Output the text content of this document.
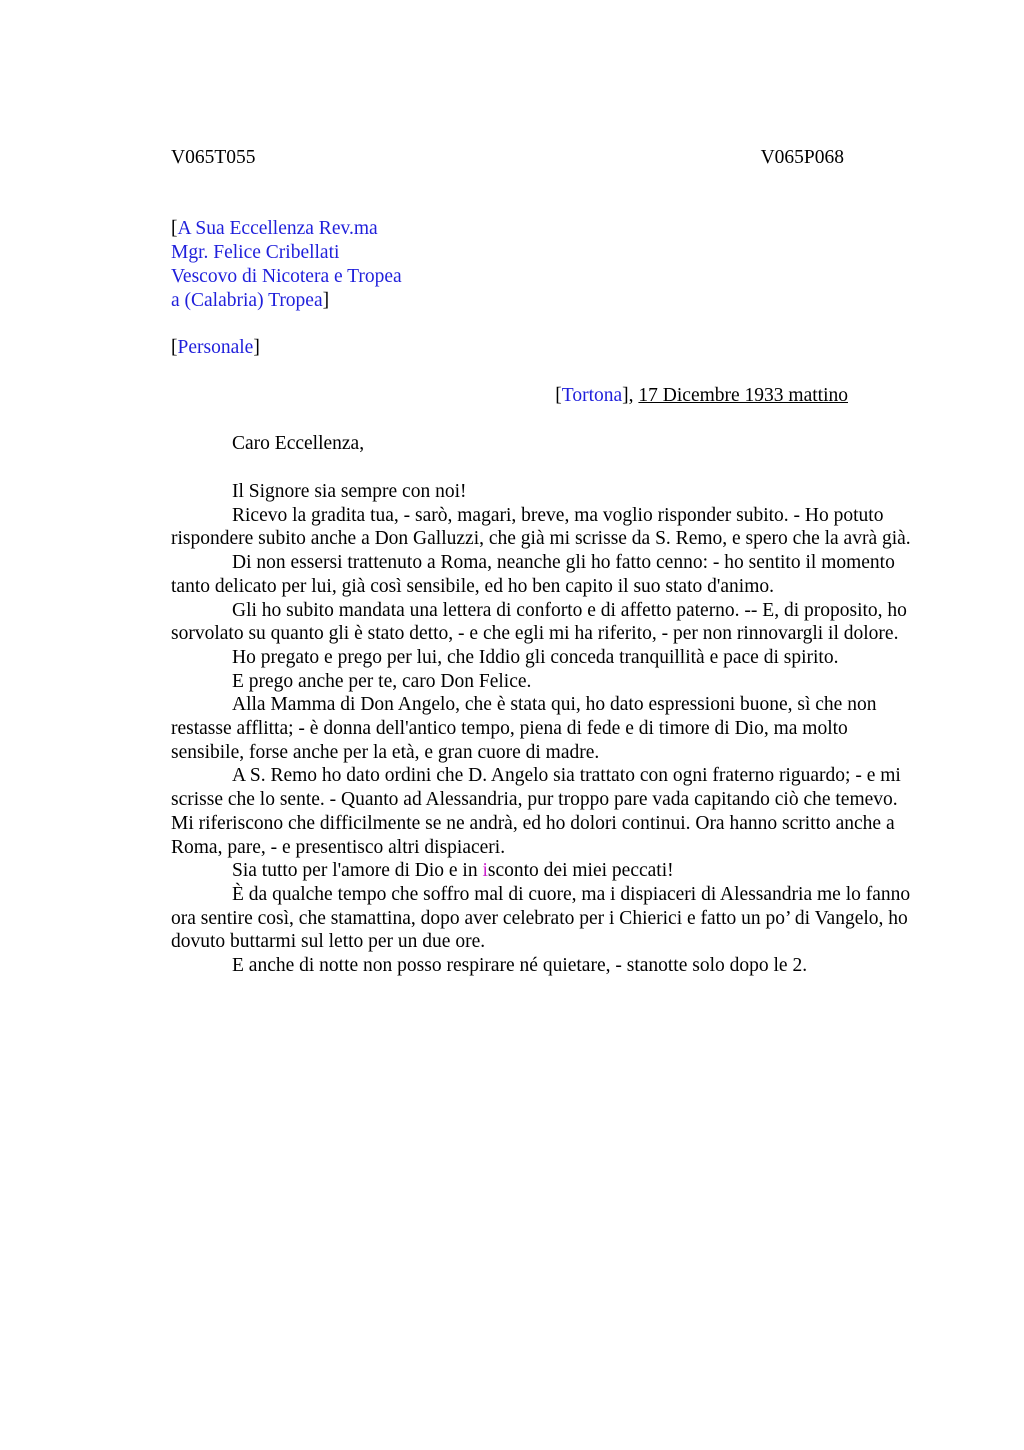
V065T055	V065P068
[A Sua Eccellenza Rev.ma
Mgr. Felice Cribellati
Vescovo di Nicotera e Tropea
a (Calabria) Tropea]
[Personale]
[Tortona], 17 Dicembre 1933 mattino
Caro Eccellenza,

Il Signore sia sempre con noi!

Ricevo la gradita tua, - sarò, magari, breve, ma voglio risponder subito. - Ho potuto rispondere subito anche a Don Galluzzi, che già mi scrisse da S. Remo, e spero che la avrà già.

Di non essersi trattenuto a Roma, neanche gli ho fatto cenno: - ho sentito il momento tanto delicato per lui, già così sensibile, ed ho ben capito il suo stato d'animo.

Gli ho subito mandata una lettera di conforto e di affetto paterno. -- E, di proposito, ho sorvolato su quanto gli è stato detto, - e che egli mi ha riferito, - per non rinnovargli il dolore.

Ho pregato e prego per lui, che Iddio gli conceda tranquillità e pace di spirito.

E prego anche per te, caro Don Felice.

Alla Mamma di Don Angelo, che è stata qui, ho dato espressioni buone, sì che non restasse afflitta; - è donna dell'antico tempo, piena di fede e di timore di Dio, ma molto sensibile, forse anche per la età, e gran cuore di madre.

A S. Remo ho dato ordini che D. Angelo sia trattato con ogni fraterno riguardo; - e mi scrisse che lo sente. - Quanto ad Alessandria, pur troppo pare vada capitando ciò che temevo. Mi riferiscono che difficilmente se ne andrà, ed ho dolori continui. Ora hanno scritto anche a Roma, pare, - e presentisco altri dispiaceri.

Sia tutto per l'amore di Dio e in isconto dei miei peccati!

È da qualche tempo che soffro mal di cuore, ma i dispiaceri di Alessandria me lo fanno ora sentire così, che stamattina, dopo aver celebrato per i Chierici e fatto un po’ di Vangelo, ho dovuto buttarmi sul letto per un due ore.

E anche di notte non posso respirare né quietare, - stanotte solo dopo le 2.
